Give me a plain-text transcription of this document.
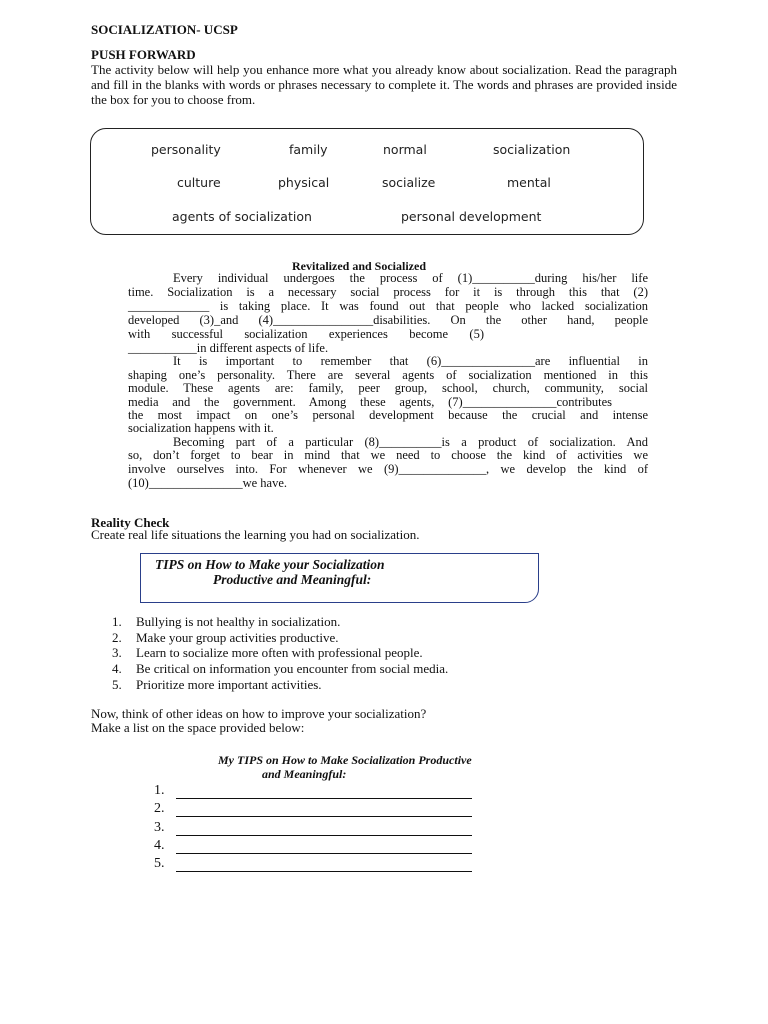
SOCIALIZATION- UCSP
PUSH FORWARD
The activity below will help you enhance more what you already know about socialization. Read the paragraph and fill in the blanks with words or phrases necessary to complete it. The words and phrases are provided inside the box for you to choose from.
personality	family	normal	socialization
culture	physical	socialize	mental
agents of socialization	personal development
Revitalized and Socialized
Every individual undergoes the process of (1)__________during his/her life
time. Socialization is a necessary social process for it is through this that (2)
_____________ is taking place. It was found out that people who lacked socialization
developed (3)_and (4)________________disabilities. On the other hand, people
with successful socialization experiences become (5)
___________in different aspects of life.
It is important to remember that (6)_______________are influential in
shaping one’s personality. There are several agents of socialization mentioned in this
module. These agents are: family, peer group, school, church, community, social
media and the government. Among these agents, (7)_______________contributes
the most impact on one’s personal development because the crucial and intense
socialization happens with it.
Becoming part of a particular (8)__________is a product of socialization. And
so, don’t forget to bear in mind that we need to choose the kind of activities we
involve ourselves into. For whenever we (9)______________, we develop the kind of
(10)_______________we have.
Reality Check
Create real life situations the learning you had on socialization.
TIPS on How to Make your Socialization
Productive and Meaningful:
1. Bullying is not healthy in socialization.
2. Make your group activities productive.
3. Learn to socialize more often with professional people.
4. Be critical on information you encounter from social media.
5. Prioritize more important activities.
Now, think of other ideas on how to improve your socialization?
Make a list on the space provided below:
My TIPS on How to Make Socialization Productive
and Meaningful:
1.
2.
3.
4.
5.
